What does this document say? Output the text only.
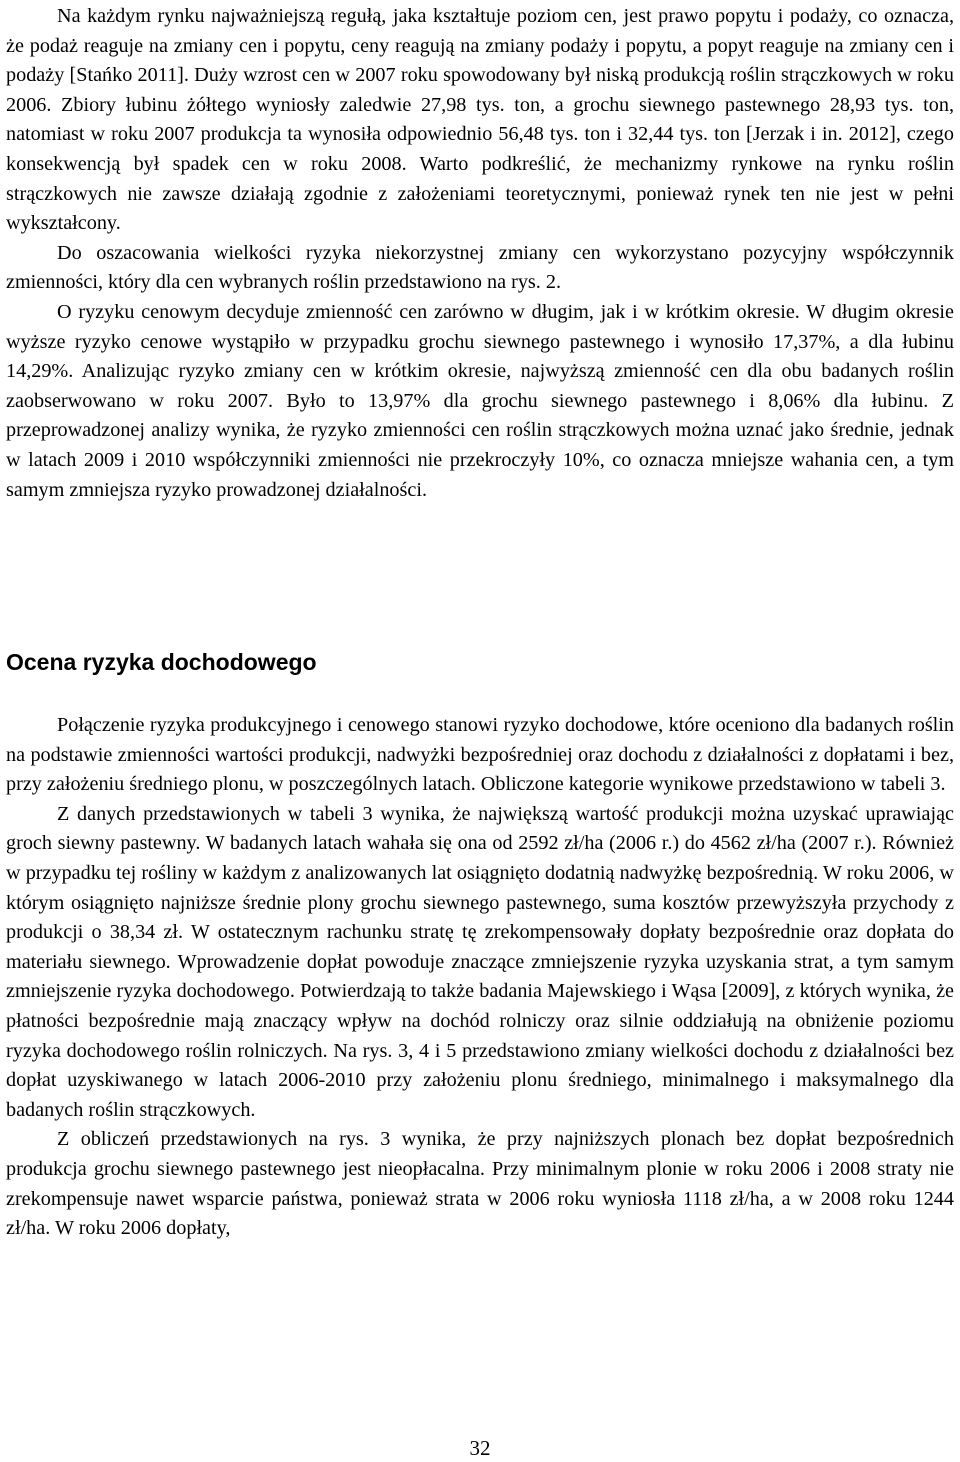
Na każdym rynku najważniejszą regułą, jaka kształtuje poziom cen, jest prawo popytu i podaży, co oznacza, że podaż reaguje na zmiany cen i popytu, ceny reagują na zmiany podaży i popytu, a popyt reaguje na zmiany cen i podaży [Stańko 2011]. Duży wzrost cen w 2007 roku spowodowany był niską produkcją roślin strączkowych w roku 2006. Zbiory łubinu żółtego wyniosły zaledwie 27,98 tys. ton, a grochu siewnego pastewnego 28,93 tys. ton, natomiast w roku 2007 produkcja ta wynosiła odpowiednio 56,48 tys. ton i 32,44 tys. ton [Jerzak i in. 2012], czego konsekwencją był spadek cen w roku 2008. Warto podkreślić, że mechanizmy rynkowe na rynku roślin strączkowych nie zawsze działają zgodnie z założeniami teoretycznymi, ponieważ rynek ten nie jest w pełni wykształcony.

Do oszacowania wielkości ryzyka niekorzystnej zmiany cen wykorzystano pozycyjny współczynnik zmienności, który dla cen wybranych roślin przedstawiono na rys. 2.

O ryzyku cenowym decyduje zmienność cen zarówno w długim, jak i w krótkim okresie. W długim okresie wyższe ryzyko cenowe wystąpiło w przypadku grochu siewnego pastewnego i wynosiło 17,37%, a dla łubinu 14,29%. Analizując ryzyko zmiany cen w krótkim okresie, najwyższą zmienność cen dla obu badanych roślin zaobserwowano w roku 2007. Było to 13,97% dla grochu siewnego pastewnego i 8,06% dla łubinu. Z przeprowadzonej analizy wynika, że ryzyko zmienności cen roślin strączkowych można uznać jako średnie, jednak w latach 2009 i 2010 współczynniki zmienności nie przekroczyły 10%, co oznacza mniejsze wahania cen, a tym samym zmniejsza ryzyko prowadzonej działalności.

Ocena ryzyka dochodowego

Połączenie ryzyka produkcyjnego i cenowego stanowi ryzyko dochodowe, które oceniono dla badanych roślin na podstawie zmienności wartości produkcji, nadwyżki bezpośredniej oraz dochodu z działalności z dopłatami i bez, przy założeniu średniego plonu, w poszczególnych latach. Obliczone kategorie wynikowe przedstawiono w tabeli 3.

Z danych przedstawionych w tabeli 3 wynika, że największą wartość produkcji można uzyskać uprawiając groch siewny pastewny. W badanych latach wahała się ona od 2592 zł/ha (2006 r.) do 4562 zł/ha (2007 r.). Również w przypadku tej rośliny w każdym z analizowanych lat osiągnięto dodatnią nadwyżkę bezpośrednią. W roku 2006, w którym osiągnięto najniższe średnie plony grochu siewnego pastewnego, suma kosztów przewyższyła przychody z produkcji o 38,34 zł. W ostatecznym rachunku stratę tę zrekompensowały dopłaty bezpośrednie oraz dopłata do materiału siewnego. Wprowadzenie dopłat powoduje znaczące zmniejszenie ryzyka uzyskania strat, a tym samym zmniejszenie ryzyka dochodowego. Potwierdzają to także badania Majewskiego i Wąsa [2009], z których wynika, że płatności bezpośrednie mają znaczący wpływ na dochód rolniczy oraz silnie oddziałują na obniżenie poziomu ryzyka dochodowego roślin rolniczych. Na rys. 3, 4 i 5 przedstawiono zmiany wielkości dochodu z działalności bez dopłat uzyskiwanego w latach 2006-2010 przy założeniu plonu średniego, minimalnego i maksymalnego dla badanych roślin strączkowych.

Z obliczeń przedstawionych na rys. 3 wynika, że przy najniższych plonach bez dopłat bezpośrednich produkcja grochu siewnego pastewnego jest nieopłacalna. Przy minimalnym plonie w roku 2006 i 2008 straty nie zrekompensuje nawet wsparcie państwa, ponieważ strata w 2006 roku wyniosła 1118 zł/ha, a w 2008 roku 1244 zł/ha. W roku 2006 dopłaty,

32
